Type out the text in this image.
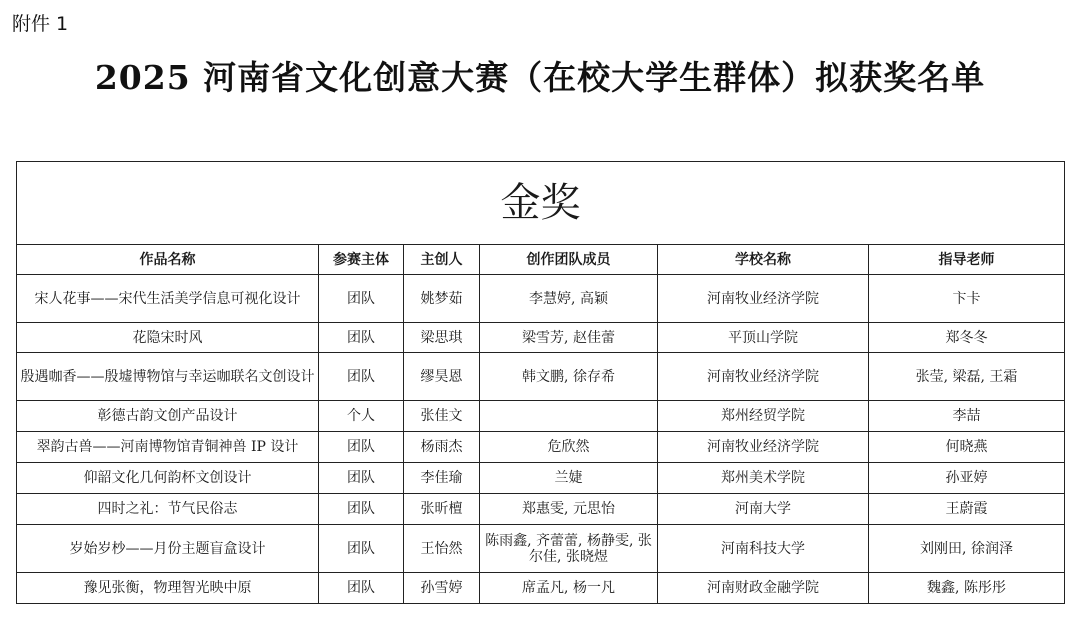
附件 1
2025 河南省文化创意大赛（在校大学生群体）拟获奖名单
金奖					
作品名称	参赛主体	主创人	创作团队成员	学校名称	指导老师
宋人花事——宋代生活美学信息可视化设计	团队	姚梦茹	李慧婷, 高颖	河南牧业经济学院	卞卡
花隐宋时风	团队	梁思琪	梁雪芳, 赵佳蕾	平顶山学院	郑冬冬
殷遇咖香——殷墟博物馆与幸运咖联名文创设计	团队	缪昊恩	韩文鹏, 徐存希	河南牧业经济学院	张莹, 梁磊, 王霜
彰德古韵文创产品设计	个人	张佳文		郑州经贸学院	李喆
翠韵古兽——河南博物馆青铜神兽 IP 设计	团队	杨雨杰	危欣然	河南牧业经济学院	何晓燕
仰韶文化几何韵杯文创设计	团队	李佳瑜	兰婕	郑州美术学院	孙亚婷
四时之礼：节气民俗志	团队	张昕檀	郑惠雯, 元思怡	河南大学	王蔚霞
岁始岁杪——月份主题盲盒设计	团队	王怡然	陈雨鑫, 齐蕾蕾, 杨静雯, 张尔佳, 张晓煜	河南科技大学	刘刚田, 徐润泽
豫见张衡，物理智光映中原	团队	孙雪婷	席孟凡, 杨一凡	河南财政金融学院	魏鑫, 陈彤彤
